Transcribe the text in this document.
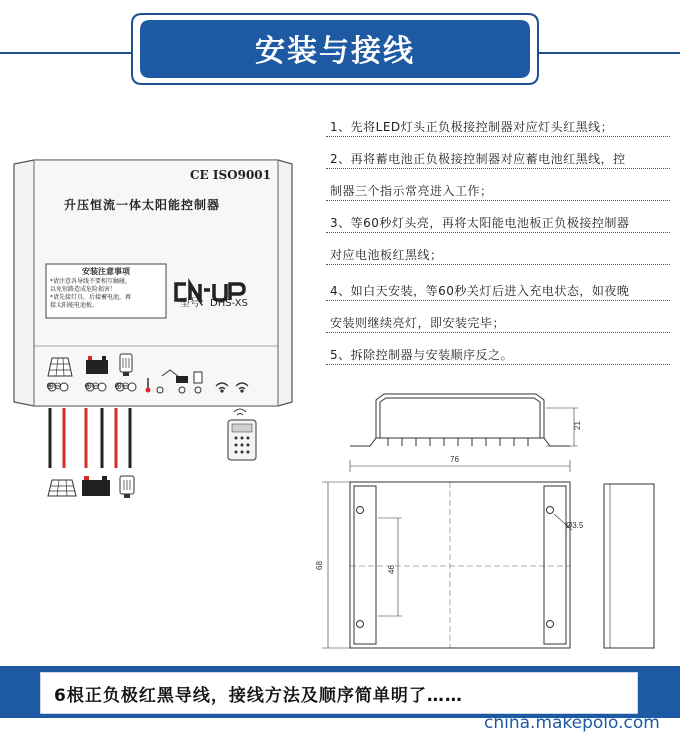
安装与接线
1、先将LED灯头正负极接控制器对应灯头红黑线；
2、再将蓄电池正负极接控制器对应蓄电池红黑线，控
制器三个指示常亮进入工作；
3、等60秒灯头亮，再将太阳能电池板正负极接控制器
对应电池板红黑线；
4、如白天安装，等60秒关灯后进入充电状态，如夜晚
安装则继续亮灯，即安装完毕；
5、拆除控制器与安装顺序反之。
CE ISO9001
升压恒流一体太阳能控制器
安装注意事项
*请注意各导线不要相互触碰，
以免短路造成危险损害！
*请先接灯具，后接蓄电池，再
接太阳能电池板。	型号：DHS-XS
⊕⊖ ⊕⊖ ⊕⊖
21
76
68	46
Ø3.5
6根正负极红黑导线，接线方法及顺序简单明了……
china.makepolo.com
